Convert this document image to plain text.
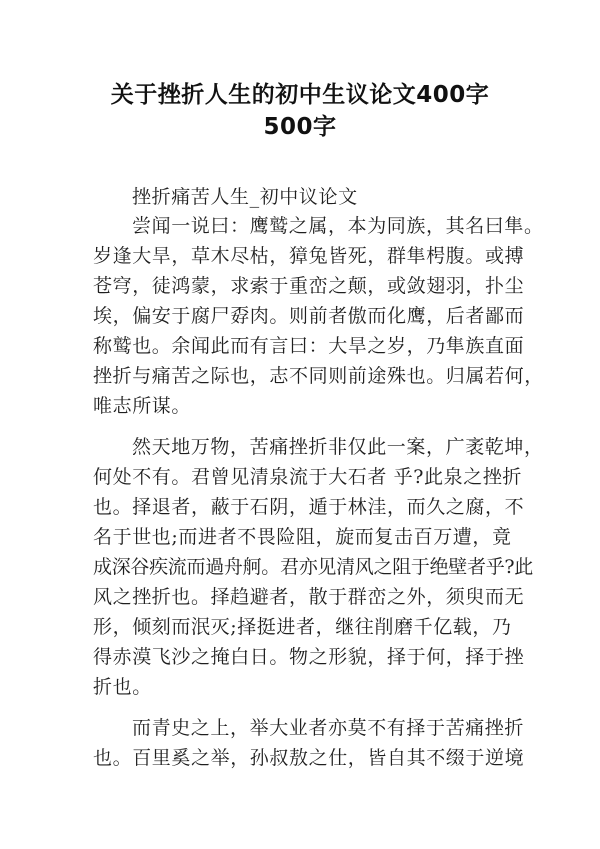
关于挫折人生的初中生议论文400字
500字
挫折痛苦人生_初中议论文
尝闻一说曰：鹰鹫之属，本为同族，其名曰隼。
岁逢大旱，草木尽枯，獐兔皆死，群隼枵腹。或搏
苍穹，徒鸿蒙，求索于重峦之颠，或敛翅羽，扑尘
埃，偏安于腐尸孬肉。则前者傲而化鹰，后者鄙而
称鹫也。余闻此而有言曰：大旱之岁，乃隼族直面
挫折与痛苦之际也，志不同则前途殊也。归属若何，
唯志所谋。
然天地万物，苦痛挫折非仅此一案，广袤乾坤，
何处不有。君曾见清泉流于大石者 乎?此泉之挫折
也。择退者，蔽于石阴，遁于林洼，而久之腐，不
名于世也;而进者不畏险阻，旋而复击百万遭，竟
成深谷疾流而過舟舸。君亦见清风之阻于绝壁者乎?此
风之挫折也。择趋避者，散于群峦之外，须臾而无
形，倾刻而泯灭;择挺进者，继往削磨千亿载，乃
得赤漠飞沙之掩白日。物之形貌，择于何，择于挫
折也。
而青史之上，举大业者亦莫不有择于苦痛挫折
也。百里奚之举，孙叔敖之仕，皆自其不缀于逆境
